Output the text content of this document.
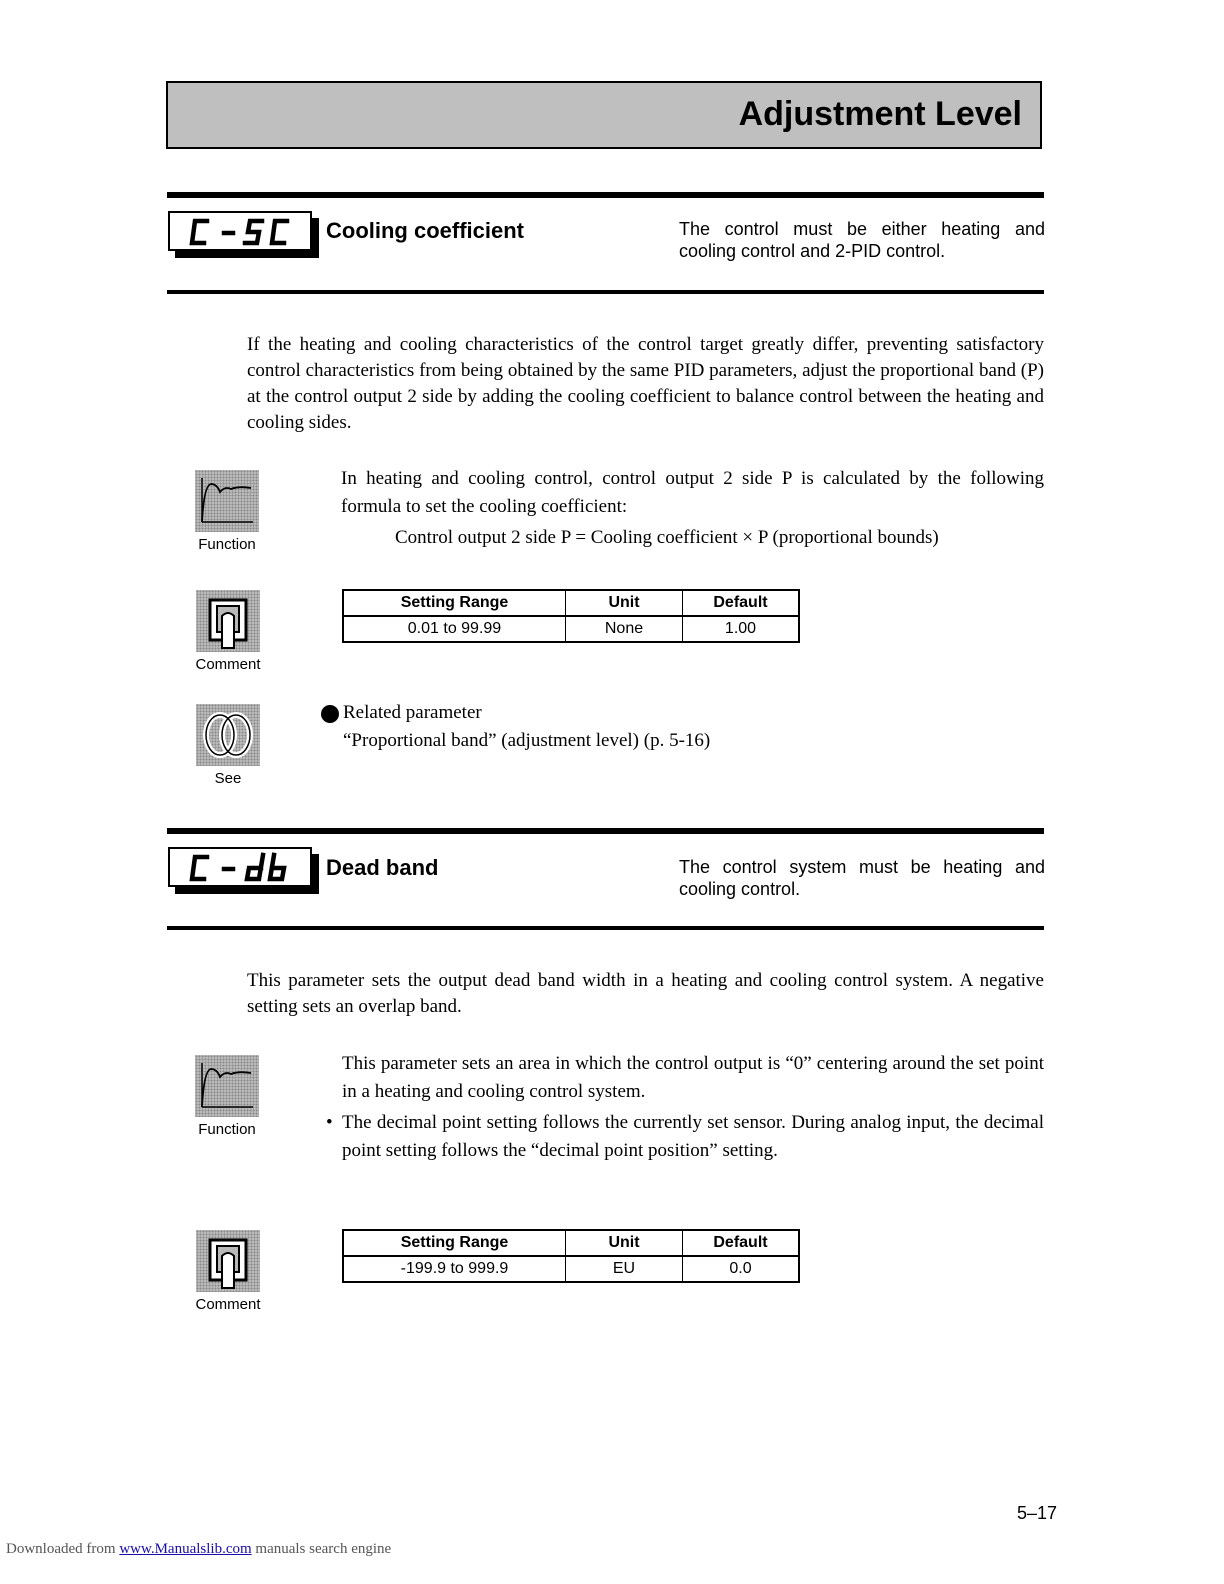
Adjustment Level
Cooling coefficient	The control must be either heating and cooling control and 2-PID control.
If the heating and cooling characteristics of the control target greatly differ, preventing satisfactory control characteristics from being obtained by the same PID parameters, adjust the proportional band (P) at the control output 2 side by adding the cooling coefficient to balance control between the heating and cooling sides.
Function
In heating and cooling control, control output 2 side P is calculated by the following formula to set the cooling coefficient:
Control output 2 side P = Cooling coefficient × P (proportional bounds)
Comment
Setting Range	Unit	Default
0.01 to 99.99	None	1.00
See
Related parameter
“Proportional band” (adjustment level) (p. 5-16)
Dead band	The control system must be heating and cooling control.
This parameter sets the output dead band width in a heating and cooling control system. A negative setting sets an overlap band.
Function
This parameter sets an area in which the control output is “0” centering around the set point in a heating and cooling control system.
• The decimal point setting follows the currently set sensor. During analog input, the decimal point setting follows the “decimal point position” setting.
Comment
Setting Range	Unit	Default
-199.9 to 999.9	EU	0.0
5–17
Downloaded from www.Manualslib.com manuals search engine
